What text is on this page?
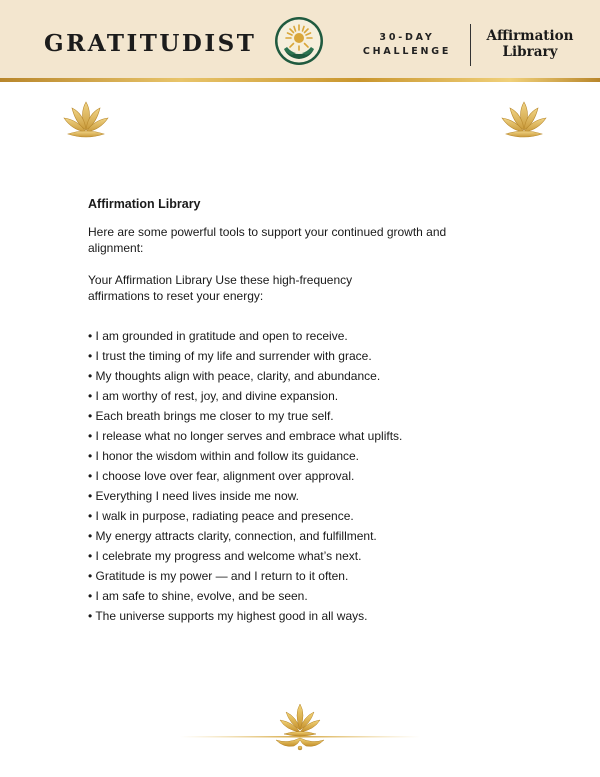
GRATITUDIST	30-DAY
CHALLENGE
Affirmation
Library
Affirmation Library

Here are some powerful tools to support your continued growth and alignment:

Your Affirmation Library Use these high-frequency affirmations to reset your energy:

• I am grounded in gratitude and open to receive.
• I trust the timing of my life and surrender with grace.
• My thoughts align with peace, clarity, and abundance.
• I am worthy of rest, joy, and divine expansion.
• Each breath brings me closer to my true self.
• I release what no longer serves and embrace what uplifts.
• I honor the wisdom within and follow its guidance.
• I choose love over fear, alignment over approval.
• Everything I need lives inside me now.
• I walk in purpose, radiating peace and presence.
• My energy attracts clarity, connection, and fulfillment.
• I celebrate my progress and welcome what’s next.
• Gratitude is my power — and I return to it often.
• I am safe to shine, evolve, and be seen.
• The universe supports my highest good in all ways.
